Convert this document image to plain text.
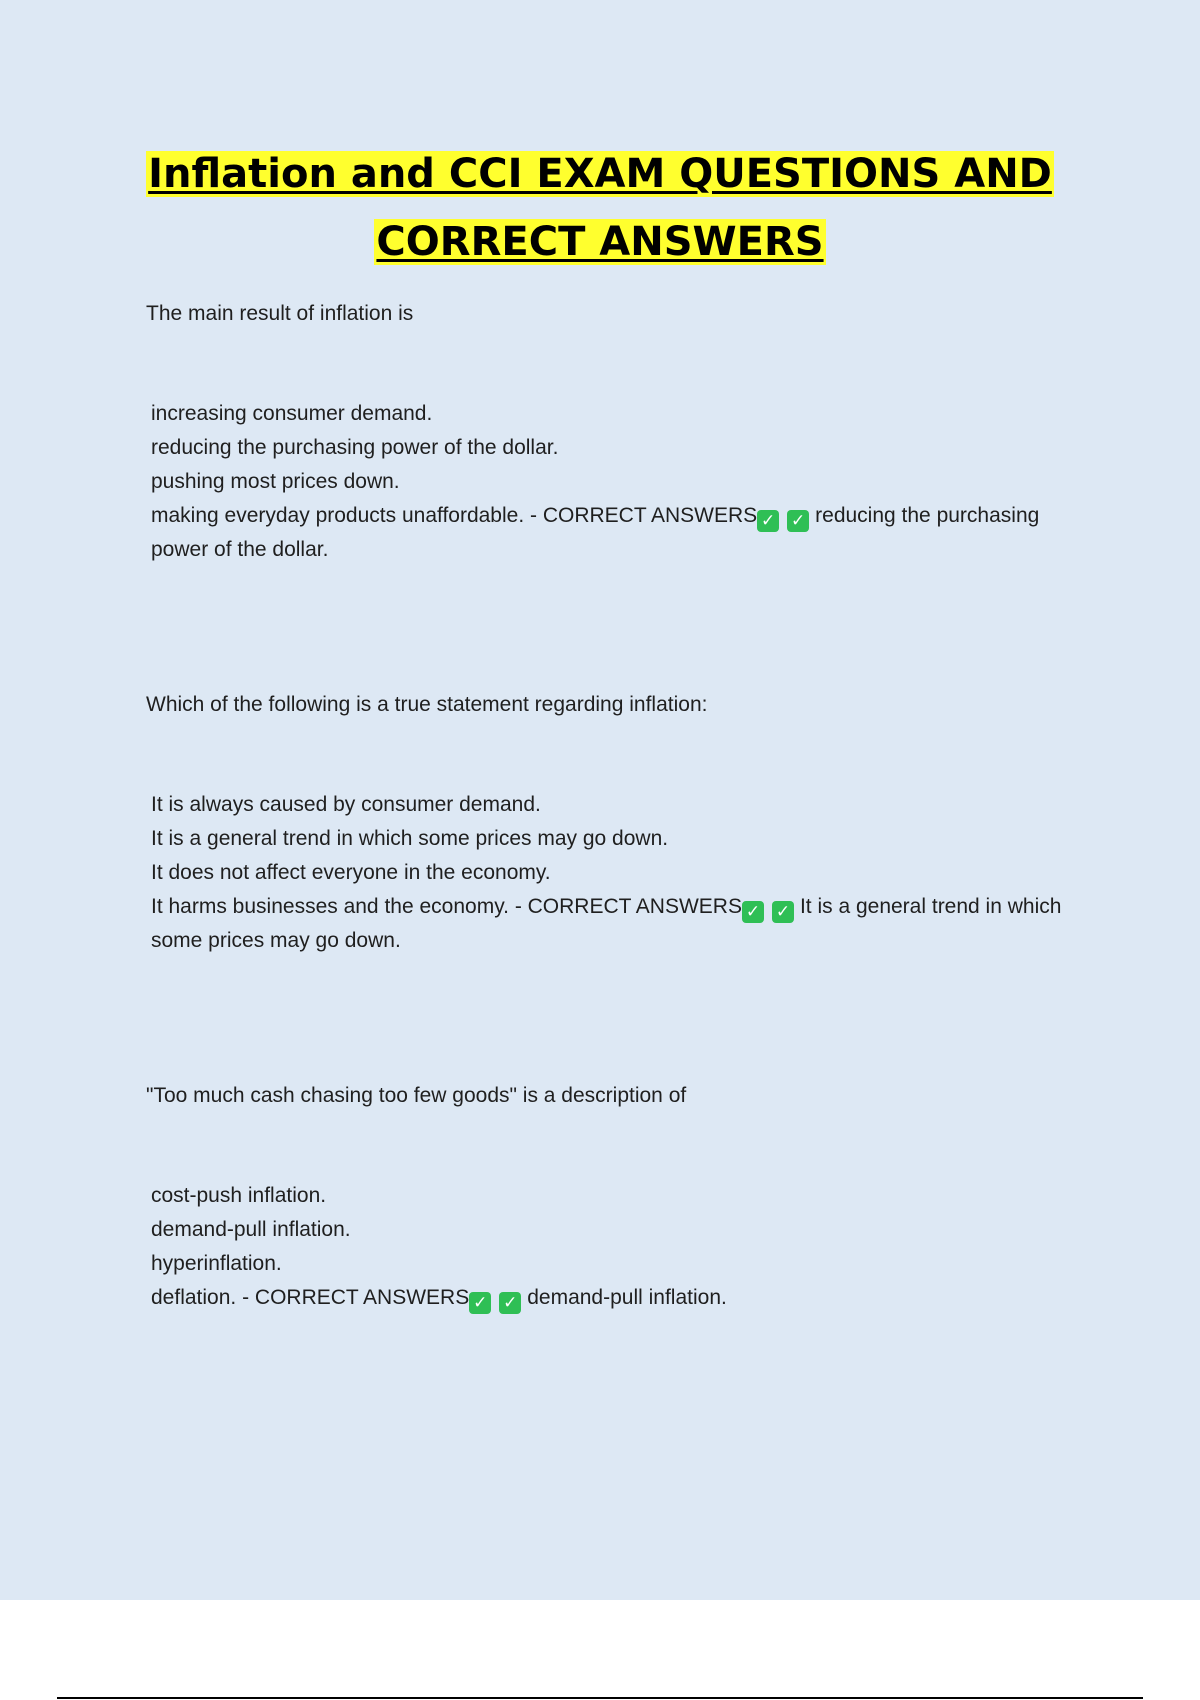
Inflation and CCI EXAM QUESTIONS AND
CORRECT ANSWERS

The main result of inflation is

increasing consumer demand.

reducing the purchasing power of the dollar.

pushing most prices down.

making everyday products unaffordable. - CORRECT ANSWERS ✓ ✓ reducing the purchasing power of the dollar.

Which of the following is a true statement regarding inflation:

It is always caused by consumer demand.

It is a general trend in which some prices may go down.

It does not affect everyone in the economy.

It harms businesses and the economy. - CORRECT ANSWERS ✓ ✓ It is a general trend in which some prices may go down.

"Too much cash chasing too few goods" is a description of

cost-push inflation.

demand-pull inflation.

hyperinflation.

deflation. - CORRECT ANSWERS ✓ ✓ demand-pull inflation.
